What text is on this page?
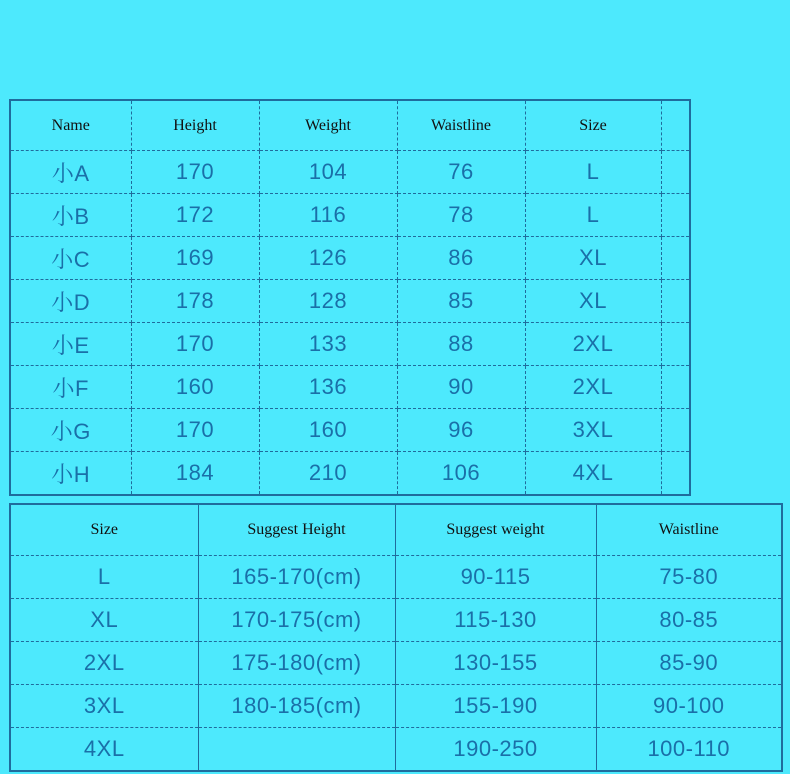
Name	Height	Weight	Waistline	Size	
小A	170	104	76	L	
小B	172	116	78	L	
小C	169	126	86	XL	
小D	178	128	85	XL	
小E	170	133	88	2XL	
小F	160	136	90	2XL	
小G	170	160	96	3XL	
小H	184	210	106	4XL	
Size	Suggest Height	Suggest weight	Waistline
L	165-170(cm)	90-115	75-80
XL	170-175(cm)	115-130	80-85
2XL	175-180(cm)	130-155	85-90
3XL	180-185(cm)	155-190	90-100
4XL		190-250	100-110
